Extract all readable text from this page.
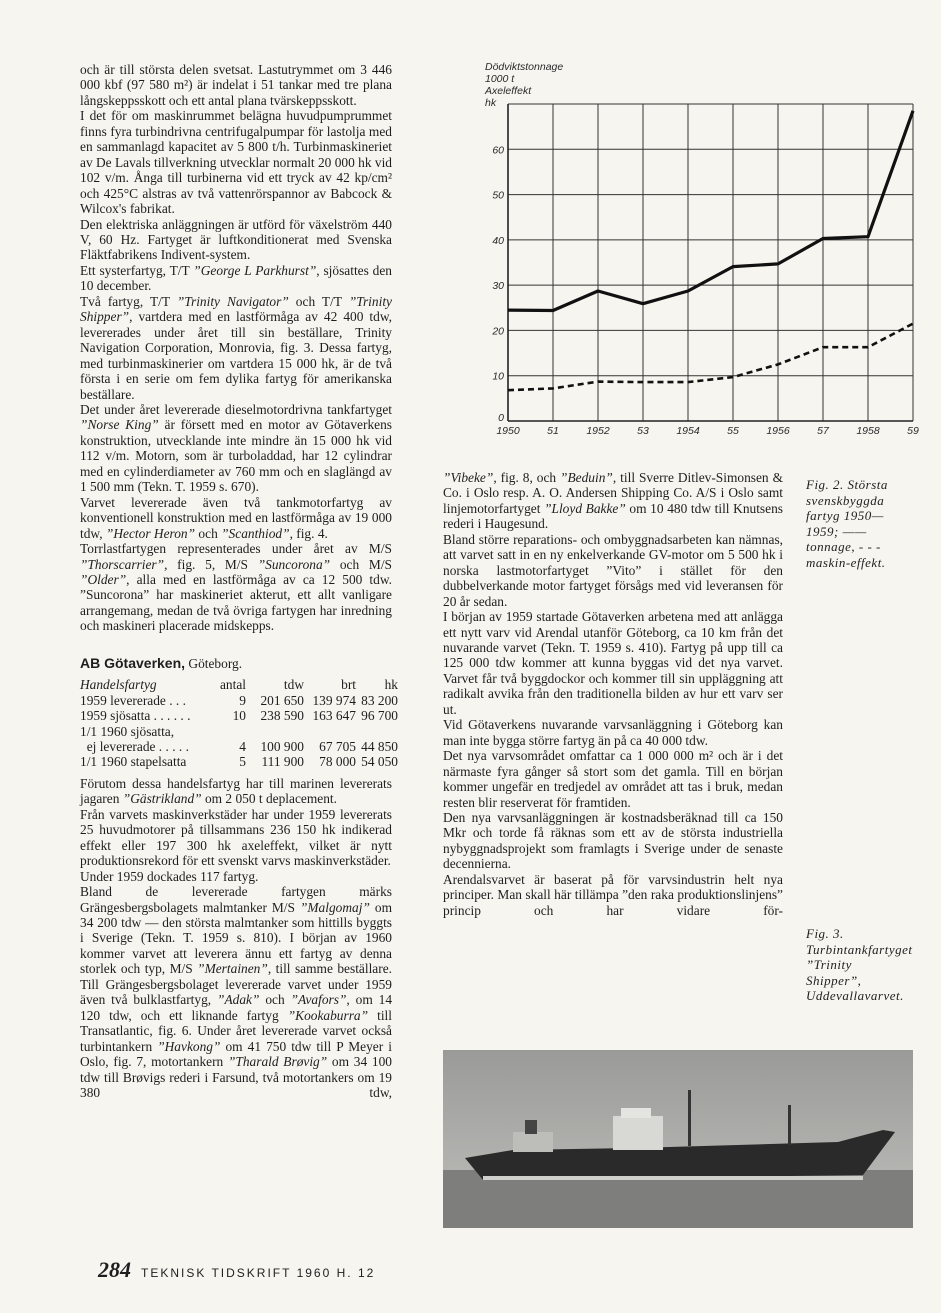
0
10
20
30
40
50
60
1950	51	1952	53	1954	55	1956	57	1958	59
Dödviktstonnage
1000 t
Axeleffekt
hk

och är till största delen svetsat. Lastutrymmet om 3 446 000 kbf (97 580 m²) är indelat i 51 tankar med tre plana långskeppsskott och ett antal plana tvärskeppsskott.

I det för om maskinrummet belägna huvudpumprummet finns fyra turbindrivna centrifugalpumpar för lastolja med en sammanlagd kapacitet av 5 800 t/h. Turbinmaskineriet av De Lavals tillverkning utvecklar normalt 20 000 hk vid 102 v/m. Ånga till turbinerna vid ett tryck av 42 kp/cm² och 425°C alstras av två vattenrörspannor av Babcock & Wilcox's fabrikat.

Den elektriska anläggningen är utförd för växelström 440 V, 60 Hz. Fartyget är luftkonditionerat med Svenska Fläktfabrikens Indivent-system.

Ett systerfartyg, T/T ”George L Parkhurst”, sjösattes den 10 december.

Två fartyg, T/T ”Trinity Navigator” och T/T ”Trinity Shipper”, vartdera med en lastförmåga av 42 400 tdw, levererades under året till sin beställare, Trinity Navigation Corporation, Monrovia, fig. 3. Dessa fartyg, med turbinmaskinerier om vartdera 15 000 hk, är de två första i en serie om fem dylika fartyg för amerikanska beställare.

Det under året levererade dieselmotordrivna tankfartyget ”Norse King” är försett med en motor av Götaverkens konstruktion, utvecklande inte mindre än 15 000 hk vid 112 v/m. Motorn, som är turboladdad, har 12 cylindrar med en cylinderdiameter av 760 mm och en slaglängd av 1 500 mm (Tekn. T. 1959 s. 670).

Varvet levererade även två tankmotorfartyg av konventionell konstruktion med en lastförmåga av 19 000 tdw, ”Hector Heron” och ”Scanthiod”, fig. 4.

Torrlastfartygen representerades under året av M/S ”Thorscarrier”, fig. 5, M/S ”Suncorona” och M/S ”Older”, alla med en lastförmåga av ca 12 500 tdw. ”Suncorona” har maskineriet akterut, ett allt vanligare arrangemang, medan de två övriga fartygen har inredning och maskineri placerade midskepps.

AB Götaverken, Göteborg.
Handelsfartyg	antal	tdw	brt	hk
1959 levererade . . .	9	201 650	139 974	83 200
1959 sjösatta . . . . . .	10	238 590	163 647	96 700
1/1 1960 sjösatta,				
ej levererade . . . . .	4	100 900	67 705	44 850
1/1 1960 stapelsatta	5	111 900	78 000	54 050

Förutom dessa handelsfartyg har till marinen levererats jagaren ”Gästrikland” om 2 050 t deplacement.

Från varvets maskinverkstäder har under 1959 levererats 25 huvudmotorer på tillsammans 236 150 hk indikerad effekt eller 197 300 hk axeleffekt, vilket är nytt produktionsrekord för ett svenskt varvs maskinverkstäder.

Under 1959 dockades 117 fartyg.

Bland de levererade fartygen märks Grängesbergsbolagets malmtanker M/S ”Malgomaj” om 34 200 tdw — den största malmtanker som hittills byggts i Sverige (Tekn. T. 1959 s. 810). I början av 1960 kommer varvet att leverera ännu ett fartyg av denna storlek och typ, M/S ”Mertainen”, till samme beställare. Till Grängesbergsbolaget levererade varvet under 1959 även två bulklastfartyg, ”Adak” och ”Avafors”, om 14 120 tdw, och ett liknande fartyg ”Kookaburra” till Transatlantic, fig. 6. Under året levererade varvet också turbintankern ”Havkong” om 41 750 tdw till P Meyer i Oslo, fig. 7, motortankern ”Tharald Brøvig” om 34 100 tdw till Brøvigs rederi i Farsund, två motortankers om 19 380 tdw,

”Vibeke”, fig. 8, och ”Beduin”, till Sverre Ditlev-Simonsen & Co. i Oslo resp. A. O. Andersen Shipping Co. A/S i Oslo samt linjemotorfartyget ”Lloyd Bakke” om 10 480 tdw till Knutsens rederi i Haugesund.

Bland större reparations- och ombyggnadsarbeten kan nämnas, att varvet satt in en ny enkelverkande GV-motor om 5 500 hk i norska lastmotorfartyget ”Vito” i stället för den dubbelverkande motor fartyget försågs med vid leveransen för 20 år sedan.

I början av 1959 startade Götaverken arbetena med att anlägga ett nytt varv vid Arendal utanför Göteborg, ca 10 km från det nuvarande varvet (Tekn. T. 1959 s. 410). Fartyg på upp till ca 125 000 tdw kommer att kunna byggas vid det nya varvet. Varvet får två byggdockor och kommer till sin uppläggning att radikalt avvika från den traditionella bilden av hur ett varv ser ut.

Vid Götaverkens nuvarande varvsanläggning i Göteborg kan man inte bygga större fartyg än på ca 40 000 tdw.

Det nya varvsområdet omfattar ca 1 000 000 m² och är i det närmaste fyra gånger så stort som det gamla. Till en början kommer ungefär en tredjedel av området att tas i bruk, medan resten blir reserverat för framtiden.

Den nya varvsanläggningen är kostnadsberäknad till ca 150 Mkr och torde få räknas som ett av de största industriella nybyggnadsprojekt som framlagts i Sverige under de senaste decennierna.

Arendalsvarvet är baserat på för varvsindustrin helt nya principer. Man skall här tillämpa ”den raka produktionslinjens” princip och har vidare för-

Fig. 2. Största svenskbyggda fartyg 1950—1959; —— tonnage, - - - maskin-effekt.
Fig. 3. Turbintankfartyget ”Trinity Shipper”, Uddevallavarvet.
284 TEKNISK TIDSKRIFT 1960 H. 12
